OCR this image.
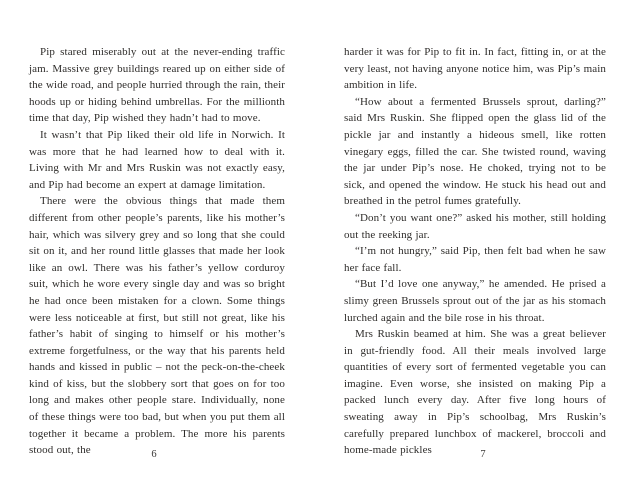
Pip stared miserably out at the never-ending traffic jam. Massive grey buildings reared up on either side of the wide road, and people hurried through the rain, their hoods up or hiding behind umbrellas. For the millionth time that day, Pip wished they hadn’t had to move.

It wasn’t that Pip liked their old life in Norwich. It was more that he had learned how to deal with it. Living with Mr and Mrs Ruskin was not exactly easy, and Pip had become an expert at damage limitation.

There were the obvious things that made them different from other people’s parents, like his mother’s hair, which was silvery grey and so long that she could sit on it, and her round little glasses that made her look like an owl. There was his father’s yellow corduroy suit, which he wore every single day and was so bright he had once been mistaken for a clown. Some things were less noticeable at first, but still not great, like his father’s habit of singing to himself or his mother’s extreme forgetfulness, or the way that his parents held hands and kissed in public – not the peck-on-the-cheek kind of kiss, but the slobbery sort that goes on for too long and makes other people stare. Individually, none of these things were too bad, but when you put them all together it became a problem. The more his parents stood out, the

harder it was for Pip to fit in. In fact, fitting in, or at the very least, not having anyone notice him, was Pip’s main ambition in life.

“How about a fermented Brussels sprout, darling?” said Mrs Ruskin. She flipped open the glass lid of the pickle jar and instantly a hideous smell, like rotten vinegary eggs, filled the car. She twisted round, waving the jar under Pip’s nose. He choked, trying not to be sick, and opened the window. He stuck his head out and breathed in the petrol fumes gratefully.

“Don’t you want one?” asked his mother, still holding out the reeking jar.

“I’m not hungry,” said Pip, then felt bad when he saw her face fall.

“But I’d love one anyway,” he amended. He prised a slimy green Brussels sprout out of the jar as his stomach lurched again and the bile rose in his throat.

Mrs Ruskin beamed at him. She was a great believer in gut-friendly food. All their meals involved large quantities of every sort of fermented vegetable you can imagine. Even worse, she insisted on making Pip a packed lunch every day. After five long hours of sweating away in Pip’s schoolbag, Mrs Ruskin’s carefully prepared lunchbox of mackerel, broccoli and home-made pickles

6	7
